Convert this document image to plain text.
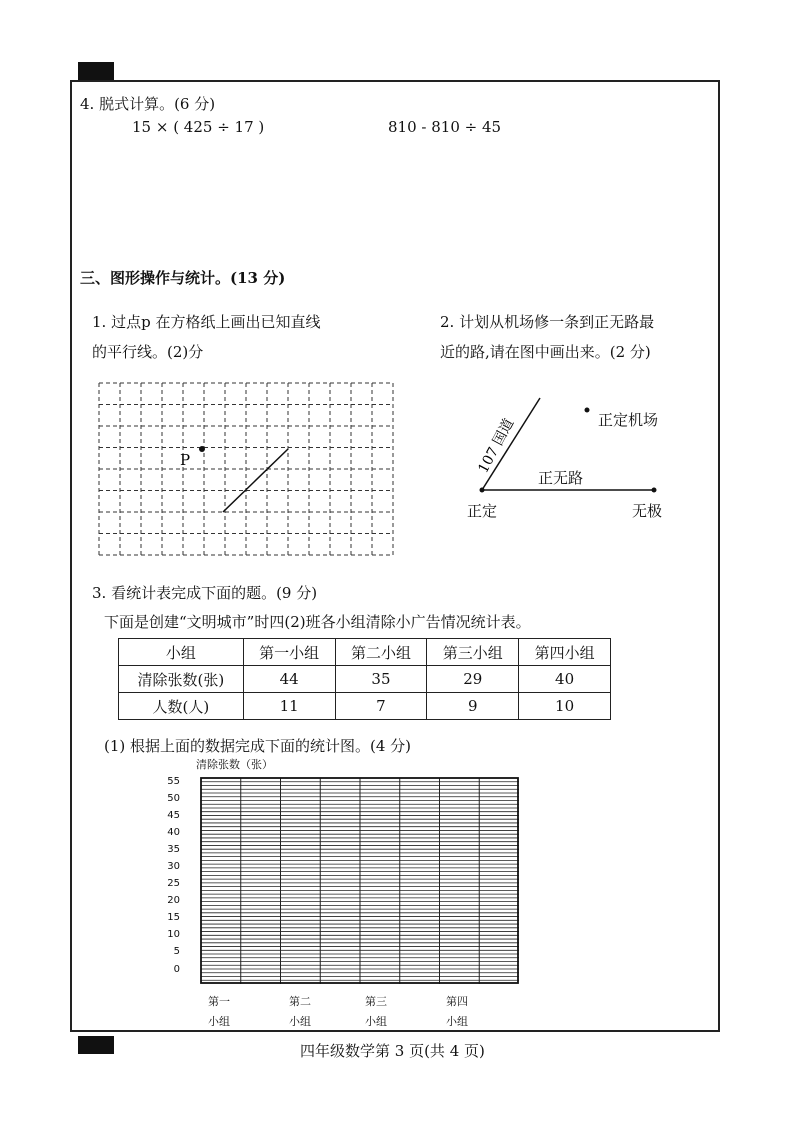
4. 脱式计算。(6 分)
15 × ( 425 ÷ 17 )	810 - 810 ÷ 45
三、图形操作与统计。(13 分)
1. 过点p 在方格纸上画出已知直线
的平行线。(2)分
P
2. 计划从机场修一条到正无路最
近的路,请在图中画出来。(2 分)
107 国道	正定机场
正无路
正定	无极
3. 看统计表完成下面的题。(9 分)
下面是创建“文明城市”时四(2)班各小组清除小广告情况统计表。
小组	第一小组	第二小组	第三小组	第四小组
清除张数(张)	44	35	29	40
人数(人)	11	7	9	10
(1) 根据上面的数据完成下面的统计图。(4 分)
清除张数（张）
55
50
45
40
35
30
25
20
15
10
5
0
第一
小组
第二
小组
第三
小组
第四
小组
四年级数学第 3 页(共 4 页)
